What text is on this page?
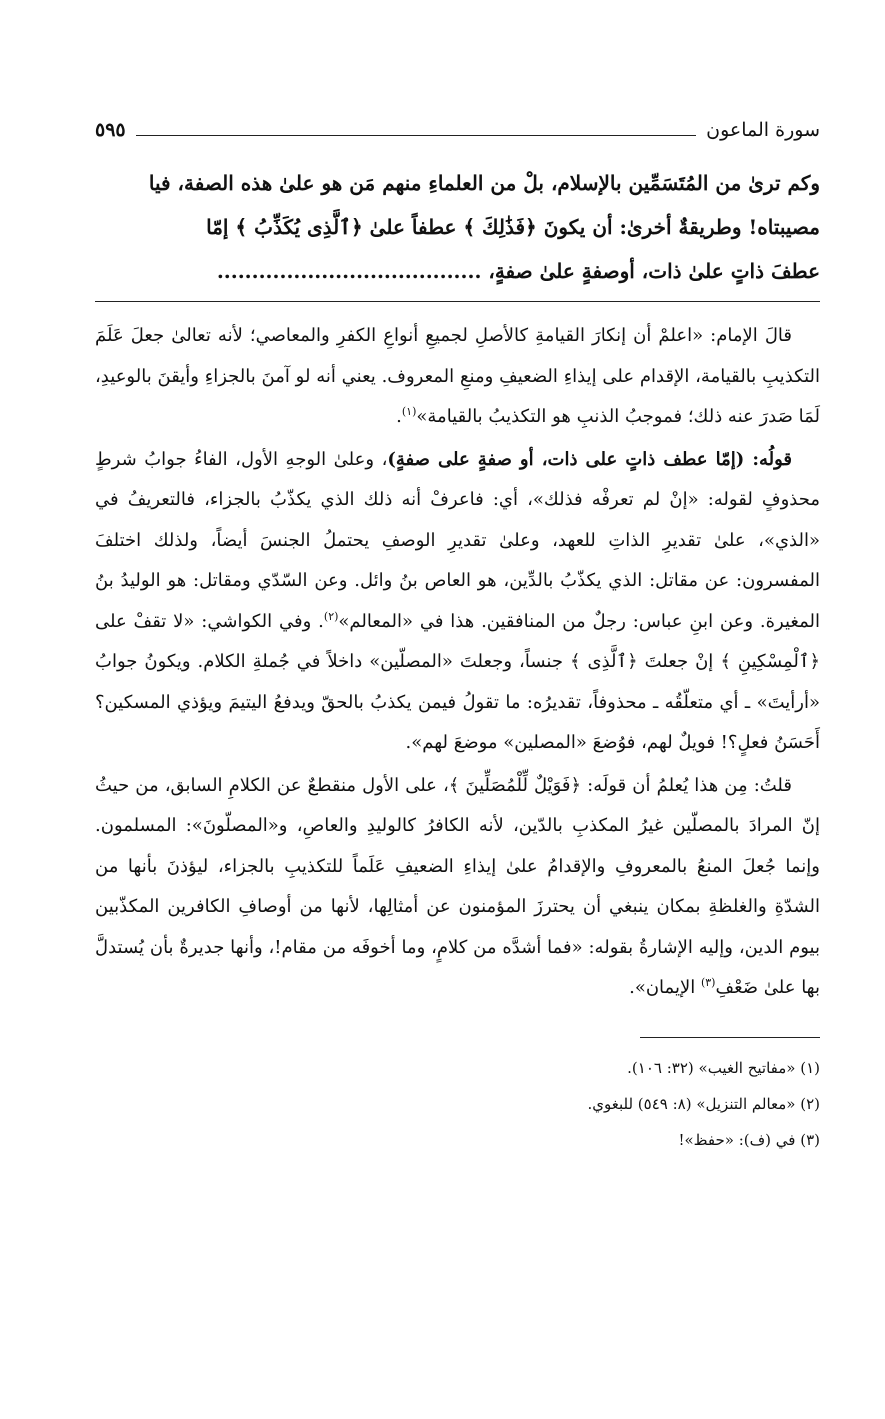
سورة الماعون
٥٩٥

وكم ترىٰ من المُتَسَمِّين بالإسلام، بلْ من العلماءِ منهم مَن هو علىٰ هذه الصفة، فيا

مصيبتاه! وطريقةٌ أخرىٰ: أن يكونَ ﴿فَذَٰلِكَ ﴾ عطفاً علىٰ ﴿ٱلَّذِى يُكَذِّبُ ﴾ إمّا

عطفَ ذاتٍ علىٰ ذات، أوصفةٍ علىٰ صفةٍ، ......................................

قالَ الإمام: «اعلمْ أن إنكارَ القيامةِ كالأصلِ لجميعِ أنواعِ الكفرِ والمعاصي؛ لأنه تعالىٰ جعلَ عَلَمَ التكذيبِ بالقيامة، الإقدام على إيذاءِ الضعيفِ ومنعِ المعروف. يعني أنه لو آمنَ بالجزاءِ وأيقنَ بالوعيدِ، لَمَا صَدرَ عنه ذلك؛ فموجبُ الذنبِ هو التكذيبُ بالقيامة»$^{(١)}$.

قولُه: (إمّا عطف ذاتٍ على ذات، أو صفةٍ على صفةٍ)، وعلىٰ الوجهِ الأول، الفاءُ جوابُ شرطٍ محذوفٍ لقوله: «إنْ لم تعرفْه فذلك»، أي: فاعرفْ أنه ذلك الذي يكذّبُ بالجزاء، فالتعريفُ في «الذي»، علىٰ تقديرِ الذاتِ للعهد، وعلىٰ تقديرِ الوصفِ يحتملُ الجنسَ أيضاً، ولذلك اختلفَ المفسرون: عن مقاتل: الذي يكذّبُ بالدِّين، هو العاص بنُ وائل. وعن السّدّي ومقاتل: هو الوليدُ بنُ المغيرة. وعن ابنِ عباس: رجلٌ من المنافقين. هذا في «المعالم»$^{(٢)}$. وفي الكواشي: «لا تقفْ على ﴿ٱلْمِسْكِينِ ﴾ إنْ جعلتَ ﴿ٱلَّذِى ﴾ جنساً، وجعلتَ «المصلّين» داخلاً في جُملةِ الكلام. ويكونُ جوابُ «أرأيتَ» ـ أي متعلّقُه ـ محذوفاً، تقديرُه: ما تقولُ فيمن يكذبُ بالحقّ ويدفعُ اليتيمَ ويؤذي المسكين؟ أَحَسَنُ فعلٍ؟! فويلٌ لهم، فوُضعَ «المصلين» موضعَ لهم».

قلتُ: مِن هذا يُعلمُ أن قولَه: ﴿فَوَيْلٌ لِّلْمُصَلِّينَ ﴾، على الأول منقطعٌ عن الكلامِ السابق، من حيثُ إنّ المرادَ بالمصلّين غيرُ المكذبِ بالدّين، لأنه الكافرُ كالوليدِ والعاصِ، و«المصلّونَ»: المسلمون. وإنما جُعلَ المنعُ بالمعروفِ والإقدامُ علىٰ إيذاءِ الضعيفِ عَلَماً للتكذيبِ بالجزاء، ليؤذنَ بأنها من الشدّةِ والغلظةِ بمكان ينبغي أن يحترزَ المؤمنون عن أمثالِها، لأنها من أوصافِ الكافرين المكذّبين بيوم الدين، وإليه الإشارةُ بقوله: «فما أشدَّه من كلامٍ، وما أخوفَه من مقام!، وأنها جديرةٌ بأن يُستدلَّ بها علىٰ ضَعْفِ$^{(٣)}$ الإيمان».

(١) «مفاتيح الغيب» (٣٢: ١٠٦).

(٢) «معالم التنزيل» (٨: ٥٤٩) للبغوي.

(٣) في (ف): «حفظ»!
